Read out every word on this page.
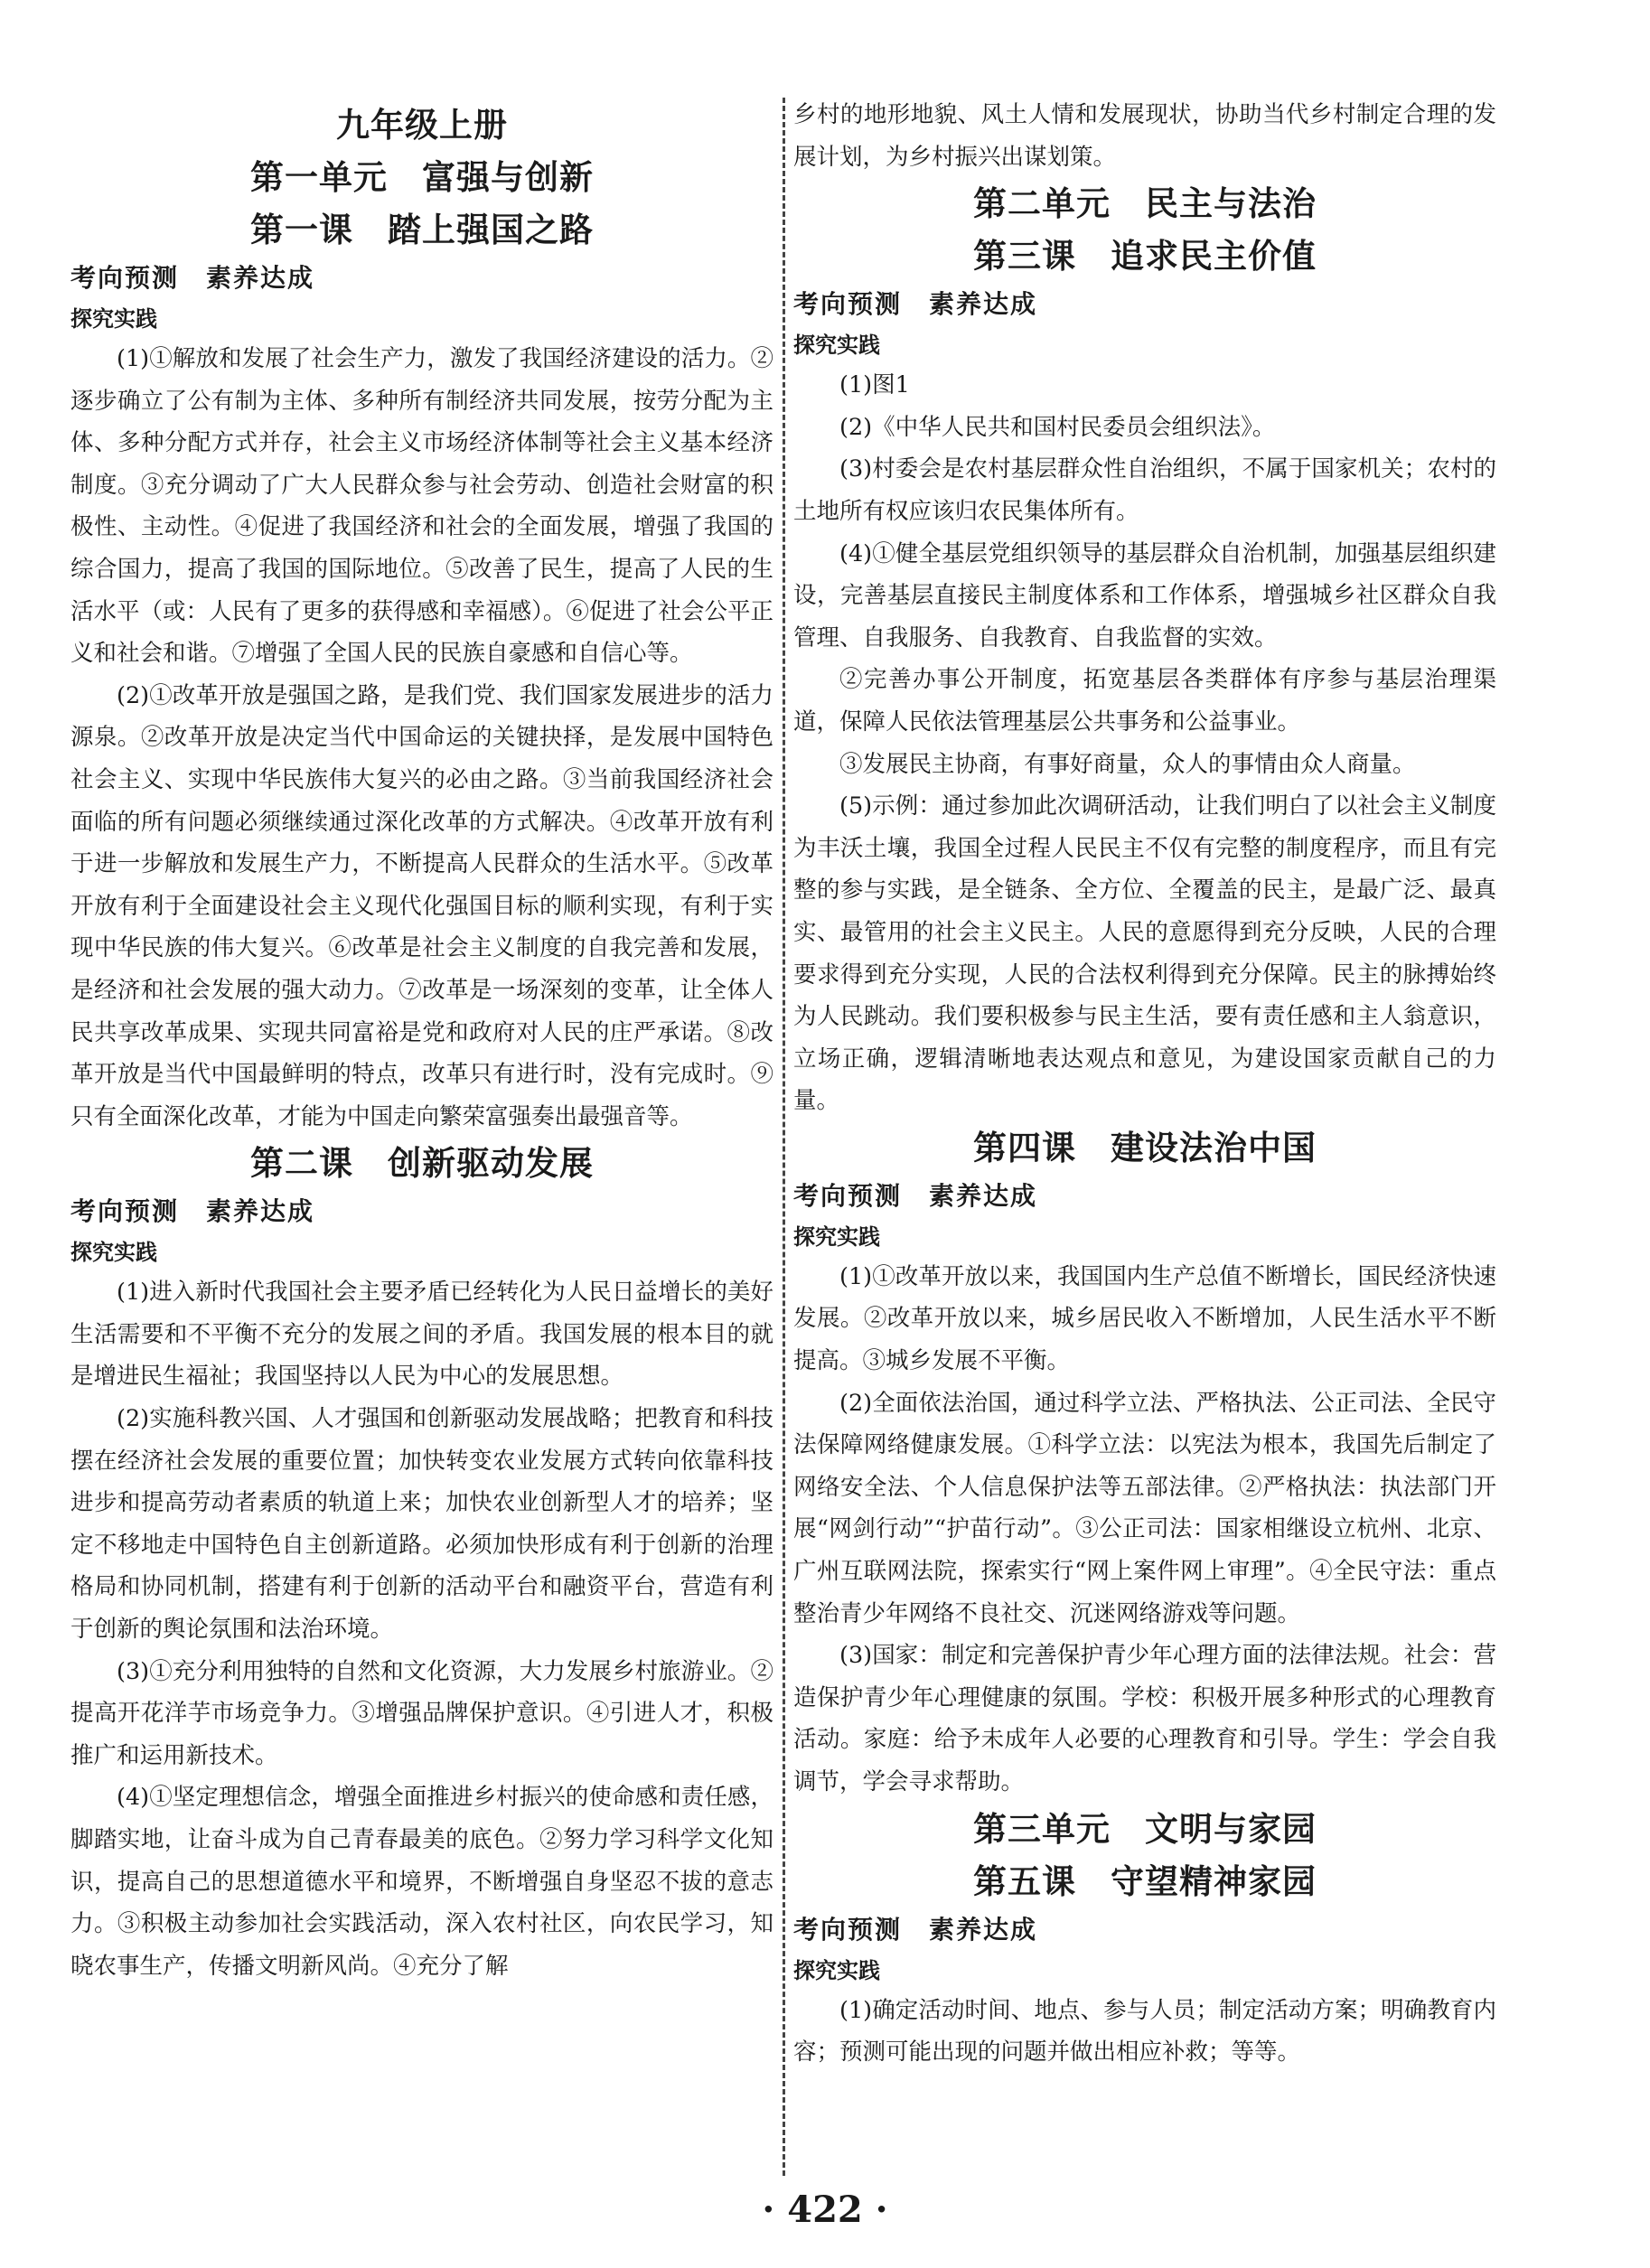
九年级上册
第一单元　富强与创新
第一课　踏上强国之路
考向预测　素养达成
探究实践

(1)①解放和发展了社会生产力，激发了我国经济建设的活力。②逐步确立了公有制为主体、多种所有制经济共同发展，按劳分配为主体、多种分配方式并存，社会主义市场经济体制等社会主义基本经济制度。③充分调动了广大人民群众参与社会劳动、创造社会财富的积极性、主动性。④促进了我国经济和社会的全面发展，增强了我国的综合国力，提高了我国的国际地位。⑤改善了民生，提高了人民的生活水平（或：人民有了更多的获得感和幸福感）。⑥促进了社会公平正义和社会和谐。⑦增强了全国人民的民族自豪感和自信心等。

(2)①改革开放是强国之路，是我们党、我们国家发展进步的活力源泉。②改革开放是决定当代中国命运的关键抉择，是发展中国特色社会主义、实现中华民族伟大复兴的必由之路。③当前我国经济社会面临的所有问题必须继续通过深化改革的方式解决。④改革开放有利于进一步解放和发展生产力，不断提高人民群众的生活水平。⑤改革开放有利于全面建设社会主义现代化强国目标的顺利实现，有利于实现中华民族的伟大复兴。⑥改革是社会主义制度的自我完善和发展，是经济和社会发展的强大动力。⑦改革是一场深刻的变革，让全体人民共享改革成果、实现共同富裕是党和政府对人民的庄严承诺。⑧改革开放是当代中国最鲜明的特点，改革只有进行时，没有完成时。⑨只有全面深化改革，才能为中国走向繁荣富强奏出最强音等。

第二课　创新驱动发展
考向预测　素养达成
探究实践

(1)进入新时代我国社会主要矛盾已经转化为人民日益增长的美好生活需要和不平衡不充分的发展之间的矛盾。我国发展的根本目的就是增进民生福祉；我国坚持以人民为中心的发展思想。

(2)实施科教兴国、人才强国和创新驱动发展战略；把教育和科技摆在经济社会发展的重要位置；加快转变农业发展方式转向依靠科技进步和提高劳动者素质的轨道上来；加快农业创新型人才的培养；坚定不移地走中国特色自主创新道路。必须加快形成有利于创新的治理格局和协同机制，搭建有利于创新的活动平台和融资平台，营造有利于创新的舆论氛围和法治环境。

(3)①充分利用独特的自然和文化资源，大力发展乡村旅游业。②提高开花洋芋市场竞争力。③增强品牌保护意识。④引进人才，积极推广和运用新技术。

(4)①坚定理想信念，增强全面推进乡村振兴的使命感和责任感，脚踏实地，让奋斗成为自己青春最美的底色。②努力学习科学文化知识，提高自己的思想道德水平和境界，不断增强自身坚忍不拔的意志力。③积极主动参加社会实践活动，深入农村社区，向农民学习，知晓农事生产，传播文明新风尚。④充分了解

乡村的地形地貌、风土人情和发展现状，协助当代乡村制定合理的发展计划，为乡村振兴出谋划策。

第二单元　民主与法治
第三课　追求民主价值
考向预测　素养达成
探究实践

(1)图1

(2)《中华人民共和国村民委员会组织法》。

(3)村委会是农村基层群众性自治组织，不属于国家机关；农村的土地所有权应该归农民集体所有。

(4)①健全基层党组织领导的基层群众自治机制，加强基层组织建设，完善基层直接民主制度体系和工作体系，增强城乡社区群众自我管理、自我服务、自我教育、自我监督的实效。

②完善办事公开制度，拓宽基层各类群体有序参与基层治理渠道，保障人民依法管理基层公共事务和公益事业。

③发展民主协商，有事好商量，众人的事情由众人商量。

(5)示例：通过参加此次调研活动，让我们明白了以社会主义制度为丰沃土壤，我国全过程人民民主不仅有完整的制度程序，而且有完整的参与实践，是全链条、全方位、全覆盖的民主，是最广泛、最真实、最管用的社会主义民主。人民的意愿得到充分反映，人民的合理要求得到充分实现，人民的合法权利得到充分保障。民主的脉搏始终为人民跳动。我们要积极参与民主生活，要有责任感和主人翁意识，立场正确，逻辑清晰地表达观点和意见，为建设国家贡献自己的力量。

第四课　建设法治中国
考向预测　素养达成
探究实践

(1)①改革开放以来，我国国内生产总值不断增长，国民经济快速发展。②改革开放以来，城乡居民收入不断增加，人民生活水平不断提高。③城乡发展不平衡。

(2)全面依法治国，通过科学立法、严格执法、公正司法、全民守法保障网络健康发展。①科学立法：以宪法为根本，我国先后制定了网络安全法、个人信息保护法等五部法律。②严格执法：执法部门开展“网剑行动”“护苗行动”。③公正司法：国家相继设立杭州、北京、广州互联网法院，探索实行“网上案件网上审理”。④全民守法：重点整治青少年网络不良社交、沉迷网络游戏等问题。

(3)国家：制定和完善保护青少年心理方面的法律法规。社会：营造保护青少年心理健康的氛围。学校：积极开展多种形式的心理教育活动。家庭：给予未成年人必要的心理教育和引导。学生：学会自我调节，学会寻求帮助。

第三单元　文明与家园
第五课　守望精神家园
考向预测　素养达成
探究实践

(1)确定活动时间、地点、参与人员；制定活动方案；明确教育内容；预测可能出现的问题并做出相应补救；等等。

· 422 ·
